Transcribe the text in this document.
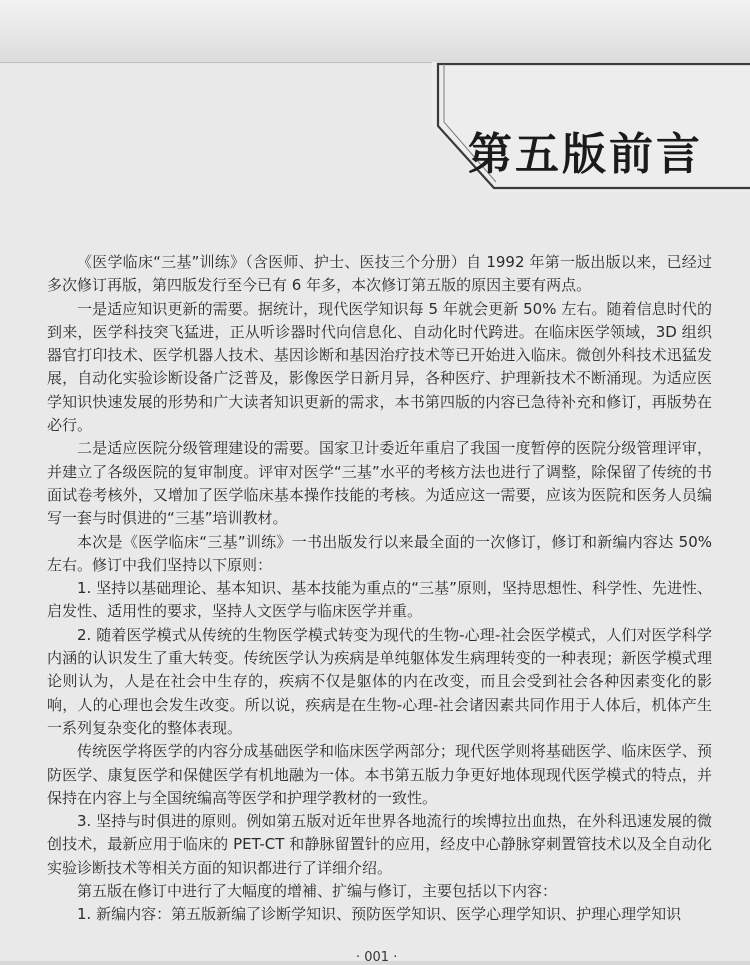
第五版前言

《医学临床“三基”训练》（含医师、护士、医技三个分册）自 1992 年第一版出版以来，已经过多次修订再版，第四版发行至今已有 6 年多，本次修订第五版的原因主要有两点。

一是适应知识更新的需要。据统计，现代医学知识每 5 年就会更新 50% 左右。随着信息时代的到来，医学科技突飞猛进，正从听诊器时代向信息化、自动化时代跨进。在临床医学领域，3D 组织器官打印技术、医学机器人技术、基因诊断和基因治疗技术等已开始进入临床。微创外科技术迅猛发展，自动化实验诊断设备广泛普及，影像医学日新月异，各种医疗、护理新技术不断涌现。为适应医学知识快速发展的形势和广大读者知识更新的需求，本书第四版的内容已急待补充和修订，再版势在必行。

二是适应医院分级管理建设的需要。国家卫计委近年重启了我国一度暂停的医院分级管理评审，并建立了各级医院的复审制度。评审对医学“三基”水平的考核方法也进行了调整，除保留了传统的书面试卷考核外，又增加了医学临床基本操作技能的考核。为适应这一需要，应该为医院和医务人员编写一套与时俱进的“三基”培训教材。

本次是《医学临床“三基”训练》一书出版发行以来最全面的一次修订，修订和新编内容达 50% 左右。修订中我们坚持以下原则：

1. 坚持以基础理论、基本知识、基本技能为重点的“三基”原则，坚持思想性、科学性、先进性、启发性、适用性的要求，坚持人文医学与临床医学并重。

2. 随着医学模式从传统的生物医学模式转变为现代的生物-心理-社会医学模式，人们对医学科学内涵的认识发生了重大转变。传统医学认为疾病是单纯躯体发生病理转变的一种表现；新医学模式理论则认为，人是在社会中生存的，疾病不仅是躯体的内在改变，而且会受到社会各种因素变化的影响，人的心理也会发生改变。所以说，疾病是在生物-心理-社会诸因素共同作用于人体后，机体产生一系列复杂变化的整体表现。

传统医学将医学的内容分成基础医学和临床医学两部分；现代医学则将基础医学、临床医学、预防医学、康复医学和保健医学有机地融为一体。本书第五版力争更好地体现现代医学模式的特点，并保持在内容上与全国统编高等医学和护理学教材的一致性。

3. 坚持与时俱进的原则。例如第五版对近年世界各地流行的埃博拉出血热，在外科迅速发展的微创技术，最新应用于临床的 PET-CT 和静脉留置针的应用，经皮中心静脉穿刺置管技术以及全自动化实验诊断技术等相关方面的知识都进行了详细介绍。

第五版在修订中进行了大幅度的增補、扩编与修订，主要包括以下内容：

1. 新编内容：第五版新编了诊断学知识、预防医学知识、医学心理学知识、护理心理学知识

· 001 ·
